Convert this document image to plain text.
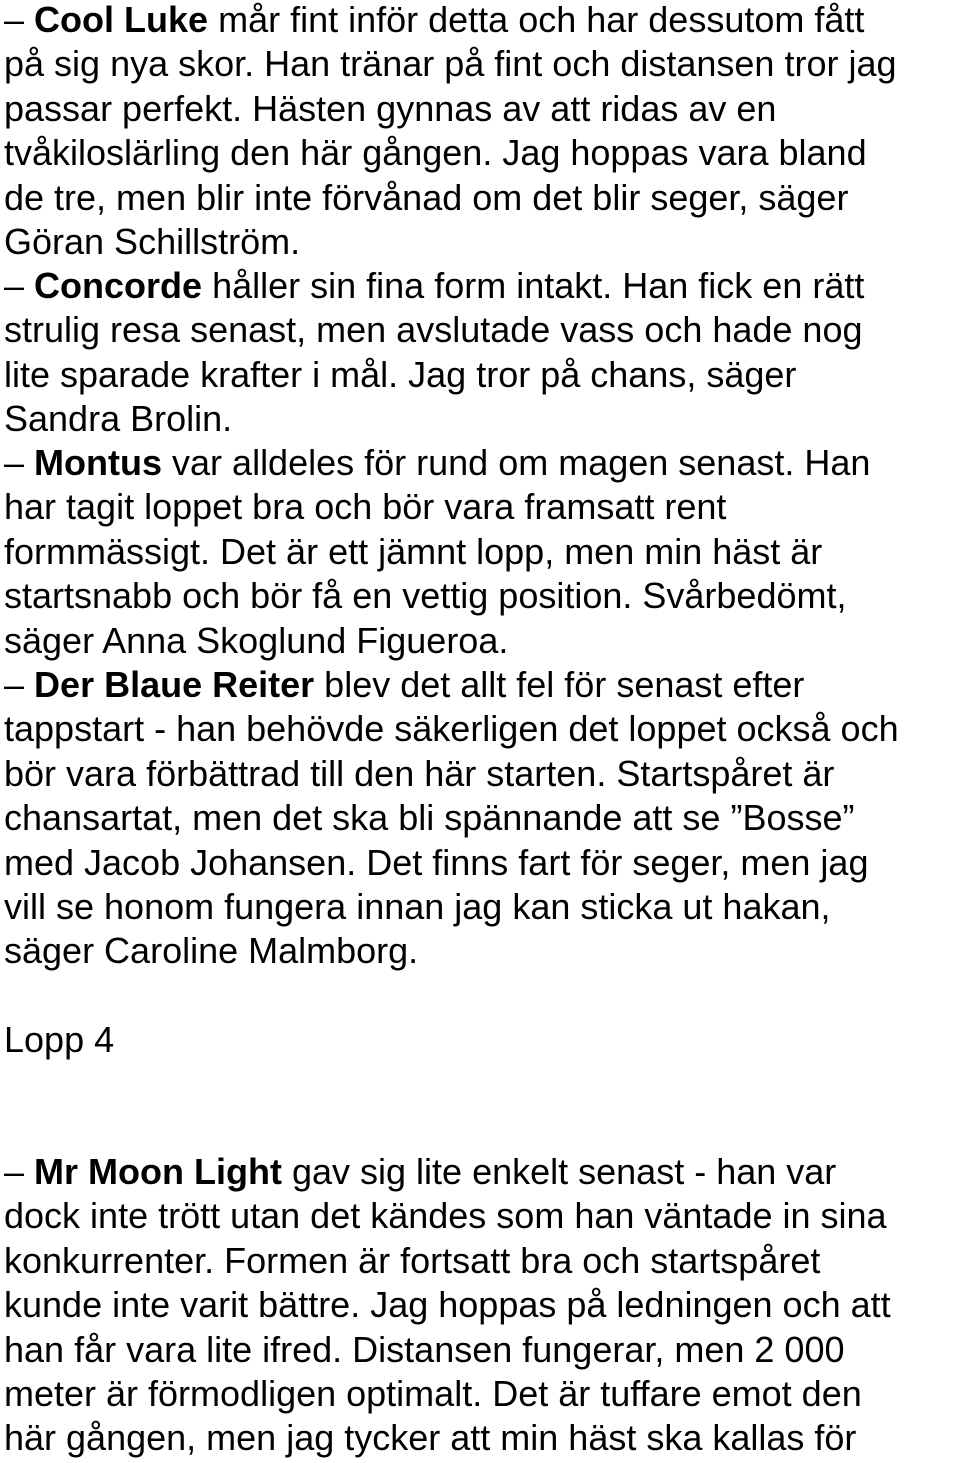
– Cool Luke mår fint inför detta och har dessutom fått
på sig nya skor. Han tränar på fint och distansen tror jag
passar perfekt. Hästen gynnas av att ridas av en
tvåkiloslärling den här gången. Jag hoppas vara bland
de tre, men blir inte förvånad om det blir seger, säger
Göran Schillström.

– Concorde håller sin fina form intakt. Han fick en rätt
strulig resa senast, men avslutade vass och hade nog
lite sparade krafter i mål. Jag tror på chans, säger
Sandra Brolin.

– Montus var alldeles för rund om magen senast. Han
har tagit loppet bra och bör vara framsatt rent
formmässigt. Det är ett jämnt lopp, men min häst är
startsnabb och bör få en vettig position. Svårbedömt,
säger Anna Skoglund Figueroa.

– Der Blaue Reiter blev det allt fel för senast efter
tappstart - han behövde säkerligen det loppet också och
bör vara förbättrad till den här starten. Startspåret är
chansartat, men det ska bli spännande att se ”Bosse”
med Jacob Johansen. Det finns fart för seger, men jag
vill se honom fungera innan jag kan sticka ut hakan,
säger Caroline Malmborg.

Lopp 4

– Mr Moon Light gav sig lite enkelt senast - han var
dock inte trött utan det kändes som han väntade in sina
konkurrenter. Formen är fortsatt bra och startspåret
kunde inte varit bättre. Jag hoppas på ledningen och att
han får vara lite ifred. Distansen fungerar, men 2 000
meter är förmodligen optimalt. Det är tuffare emot den
här gången, men jag tycker att min häst ska kallas för
